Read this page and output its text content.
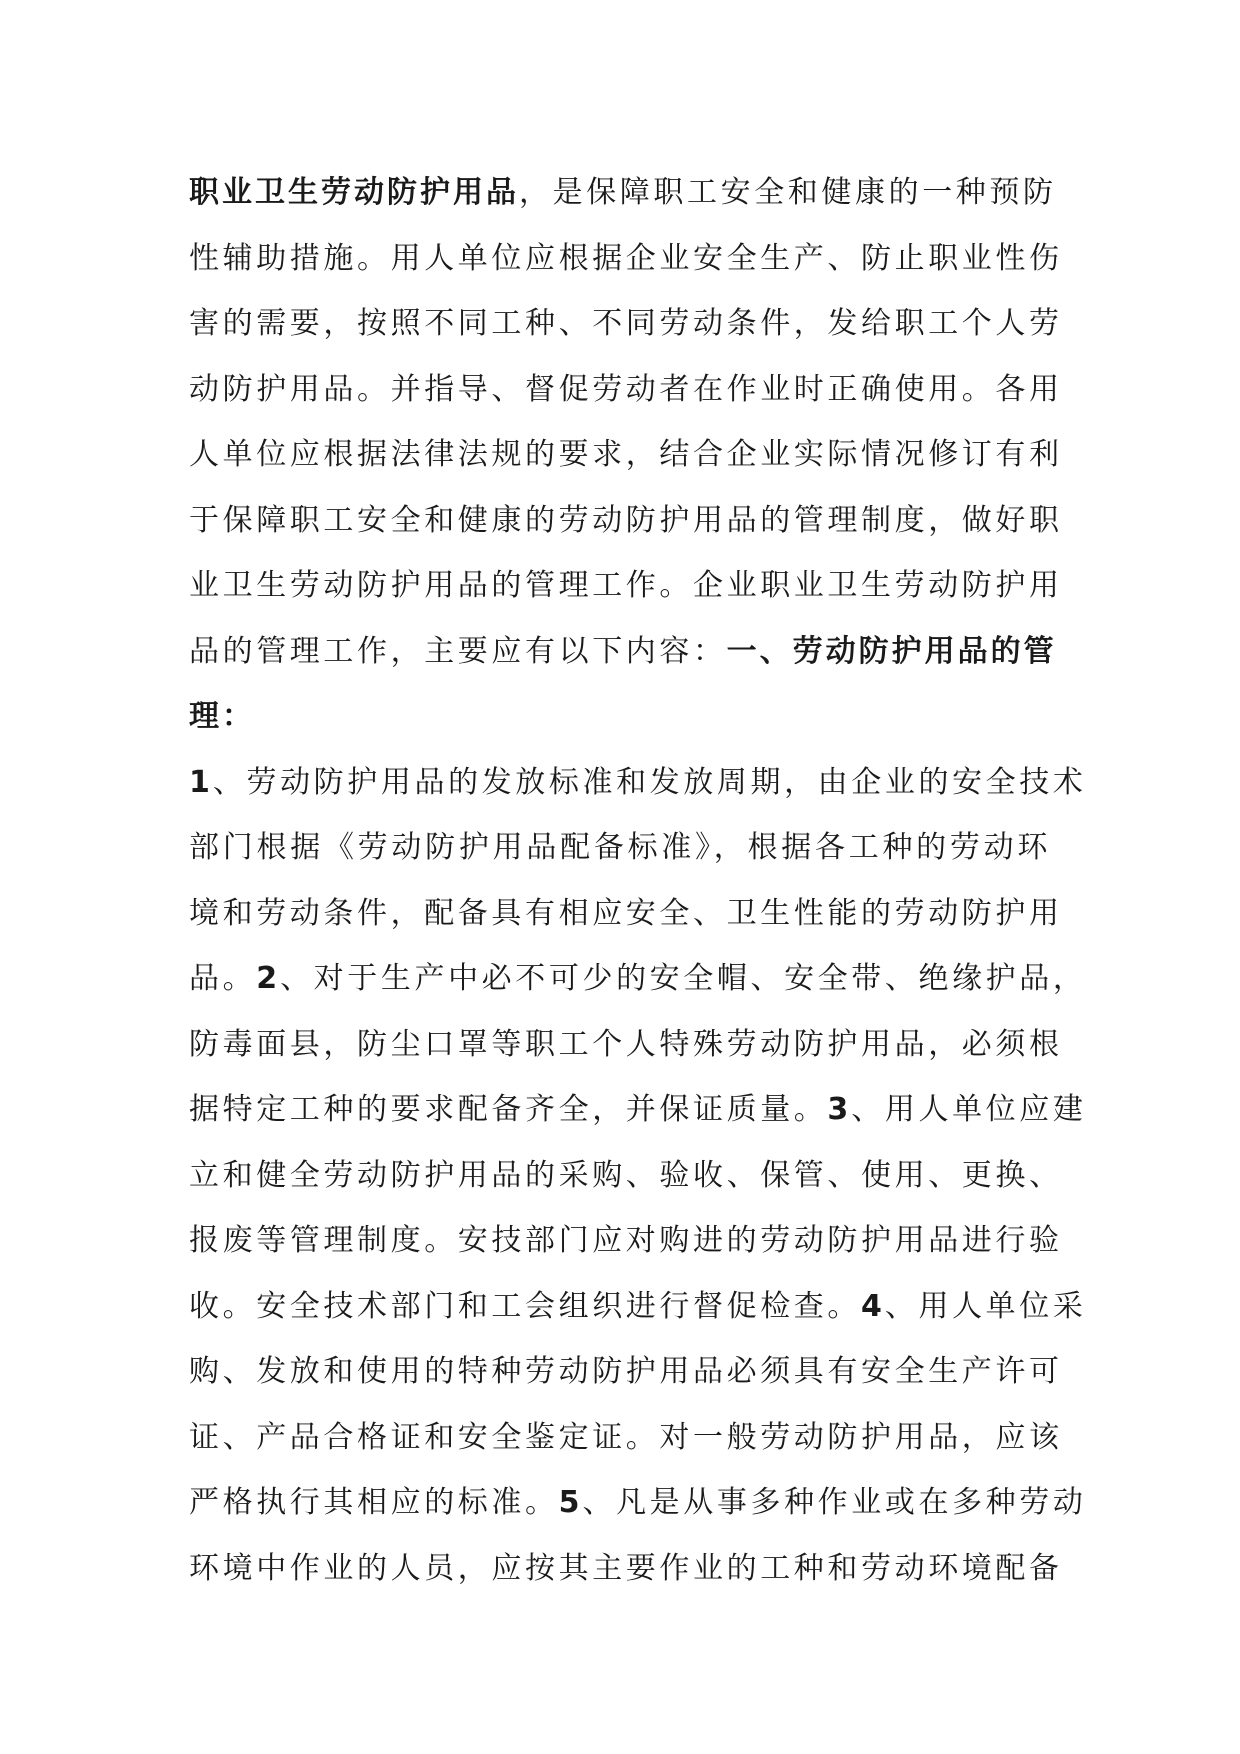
职业卫生劳动防护用品，是保障职工安全和健康的一种预防
性辅助措施。用人单位应根据企业安全生产、防止职业性伤
害的需要，按照不同工种、不同劳动条件，发给职工个人劳
动防护用品。并指导、督促劳动者在作业时正确使用。各用
人单位应根据法律法规的要求，结合企业实际情况修订有利
于保障职工安全和健康的劳动防护用品的管理制度，做好职
业卫生劳动防护用品的管理工作。企业职业卫生劳动防护用
品的管理工作，主要应有以下内容：一、劳动防护用品的管
理：
1、劳动防护用品的发放标准和发放周期，由企业的安全技术
部门根据《劳动防护用品配备标准》，根据各工种的劳动环
境和劳动条件，配备具有相应安全、卫生性能的劳动防护用
品。2、对于生产中必不可少的安全帽、安全带、绝缘护品，
防毒面县，防尘口罩等职工个人特殊劳动防护用品，必须根
据特定工种的要求配备齐全，并保证质量。3、用人单位应建
立和健全劳动防护用品的采购、验收、保管、使用、更换、
报废等管理制度。安技部门应对购进的劳动防护用品进行验
收。安全技术部门和工会组织进行督促检查。4、用人单位采
购、发放和使用的特种劳动防护用品必须具有安全生产许可
证、产品合格证和安全鉴定证。对一般劳动防护用品，应该
严格执行其相应的标准。5、凡是从事多种作业或在多种劳动
环境中作业的人员，应按其主要作业的工种和劳动环境配备
